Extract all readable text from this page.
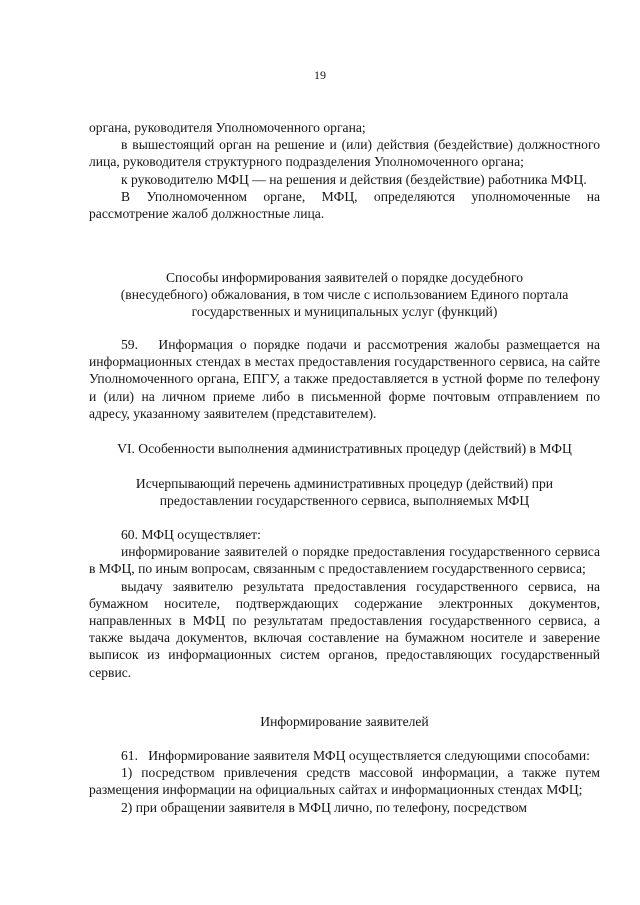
19

органа, руководителя Уполномоченного органа;

в вышестоящий орган на решение и (или) действия (бездействие) должностного лица, руководителя структурного подразделения Уполномоченного органа;

к руководителю МФЦ — на решения и действия (бездействие) работника МФЦ.

В Уполномоченном органе, МФЦ, определяются уполномоченные на рассмотрение жалоб должностные лица.

Способы информирования заявителей о порядке досудебного

(внесудебного) обжалования, в том числе с использованием Единого портала

государственных и муниципальных услуг (функций)

59.   Информация о порядке подачи и рассмотрения жалобы размещается на информационных стендах в местах предоставления государственного сервиса, на сайте Уполномоченного органа, ЕПГУ, а также предоставляется в устной форме по телефону и (или) на личном приеме либо в письменной форме почтовым отправлением по адресу, указанному заявителем (представителем).

VI. Особенности выполнения административных процедур (действий) в МФЦ

Исчерпывающий перечень административных процедур (действий) при

предоставлении государственного сервиса, выполняемых МФЦ

60. МФЦ осуществляет:

информирование заявителей о порядке предоставления государственного сервиса в МФЦ, по иным вопросам, связанным с предоставлением государственного сервиса;

выдачу заявителю результата предоставления государственного сервиса, на бумажном носителе, подтверждающих содержание электронных документов, направленных в МФЦ по результатам предоставления государственного сервиса, а также выдача документов, включая составление на бумажном носителе и заверение выписок из информационных систем органов, предоставляющих государственный сервис.

Информирование заявителей

61.   Информирование заявителя МФЦ осуществляется следующими способами:

1) посредством привлечения средств массовой информации, а также путем размещения информации на официальных сайтах и информационных стендах МФЦ;

2) при обращении заявителя в МФЦ лично, по телефону, посредством
